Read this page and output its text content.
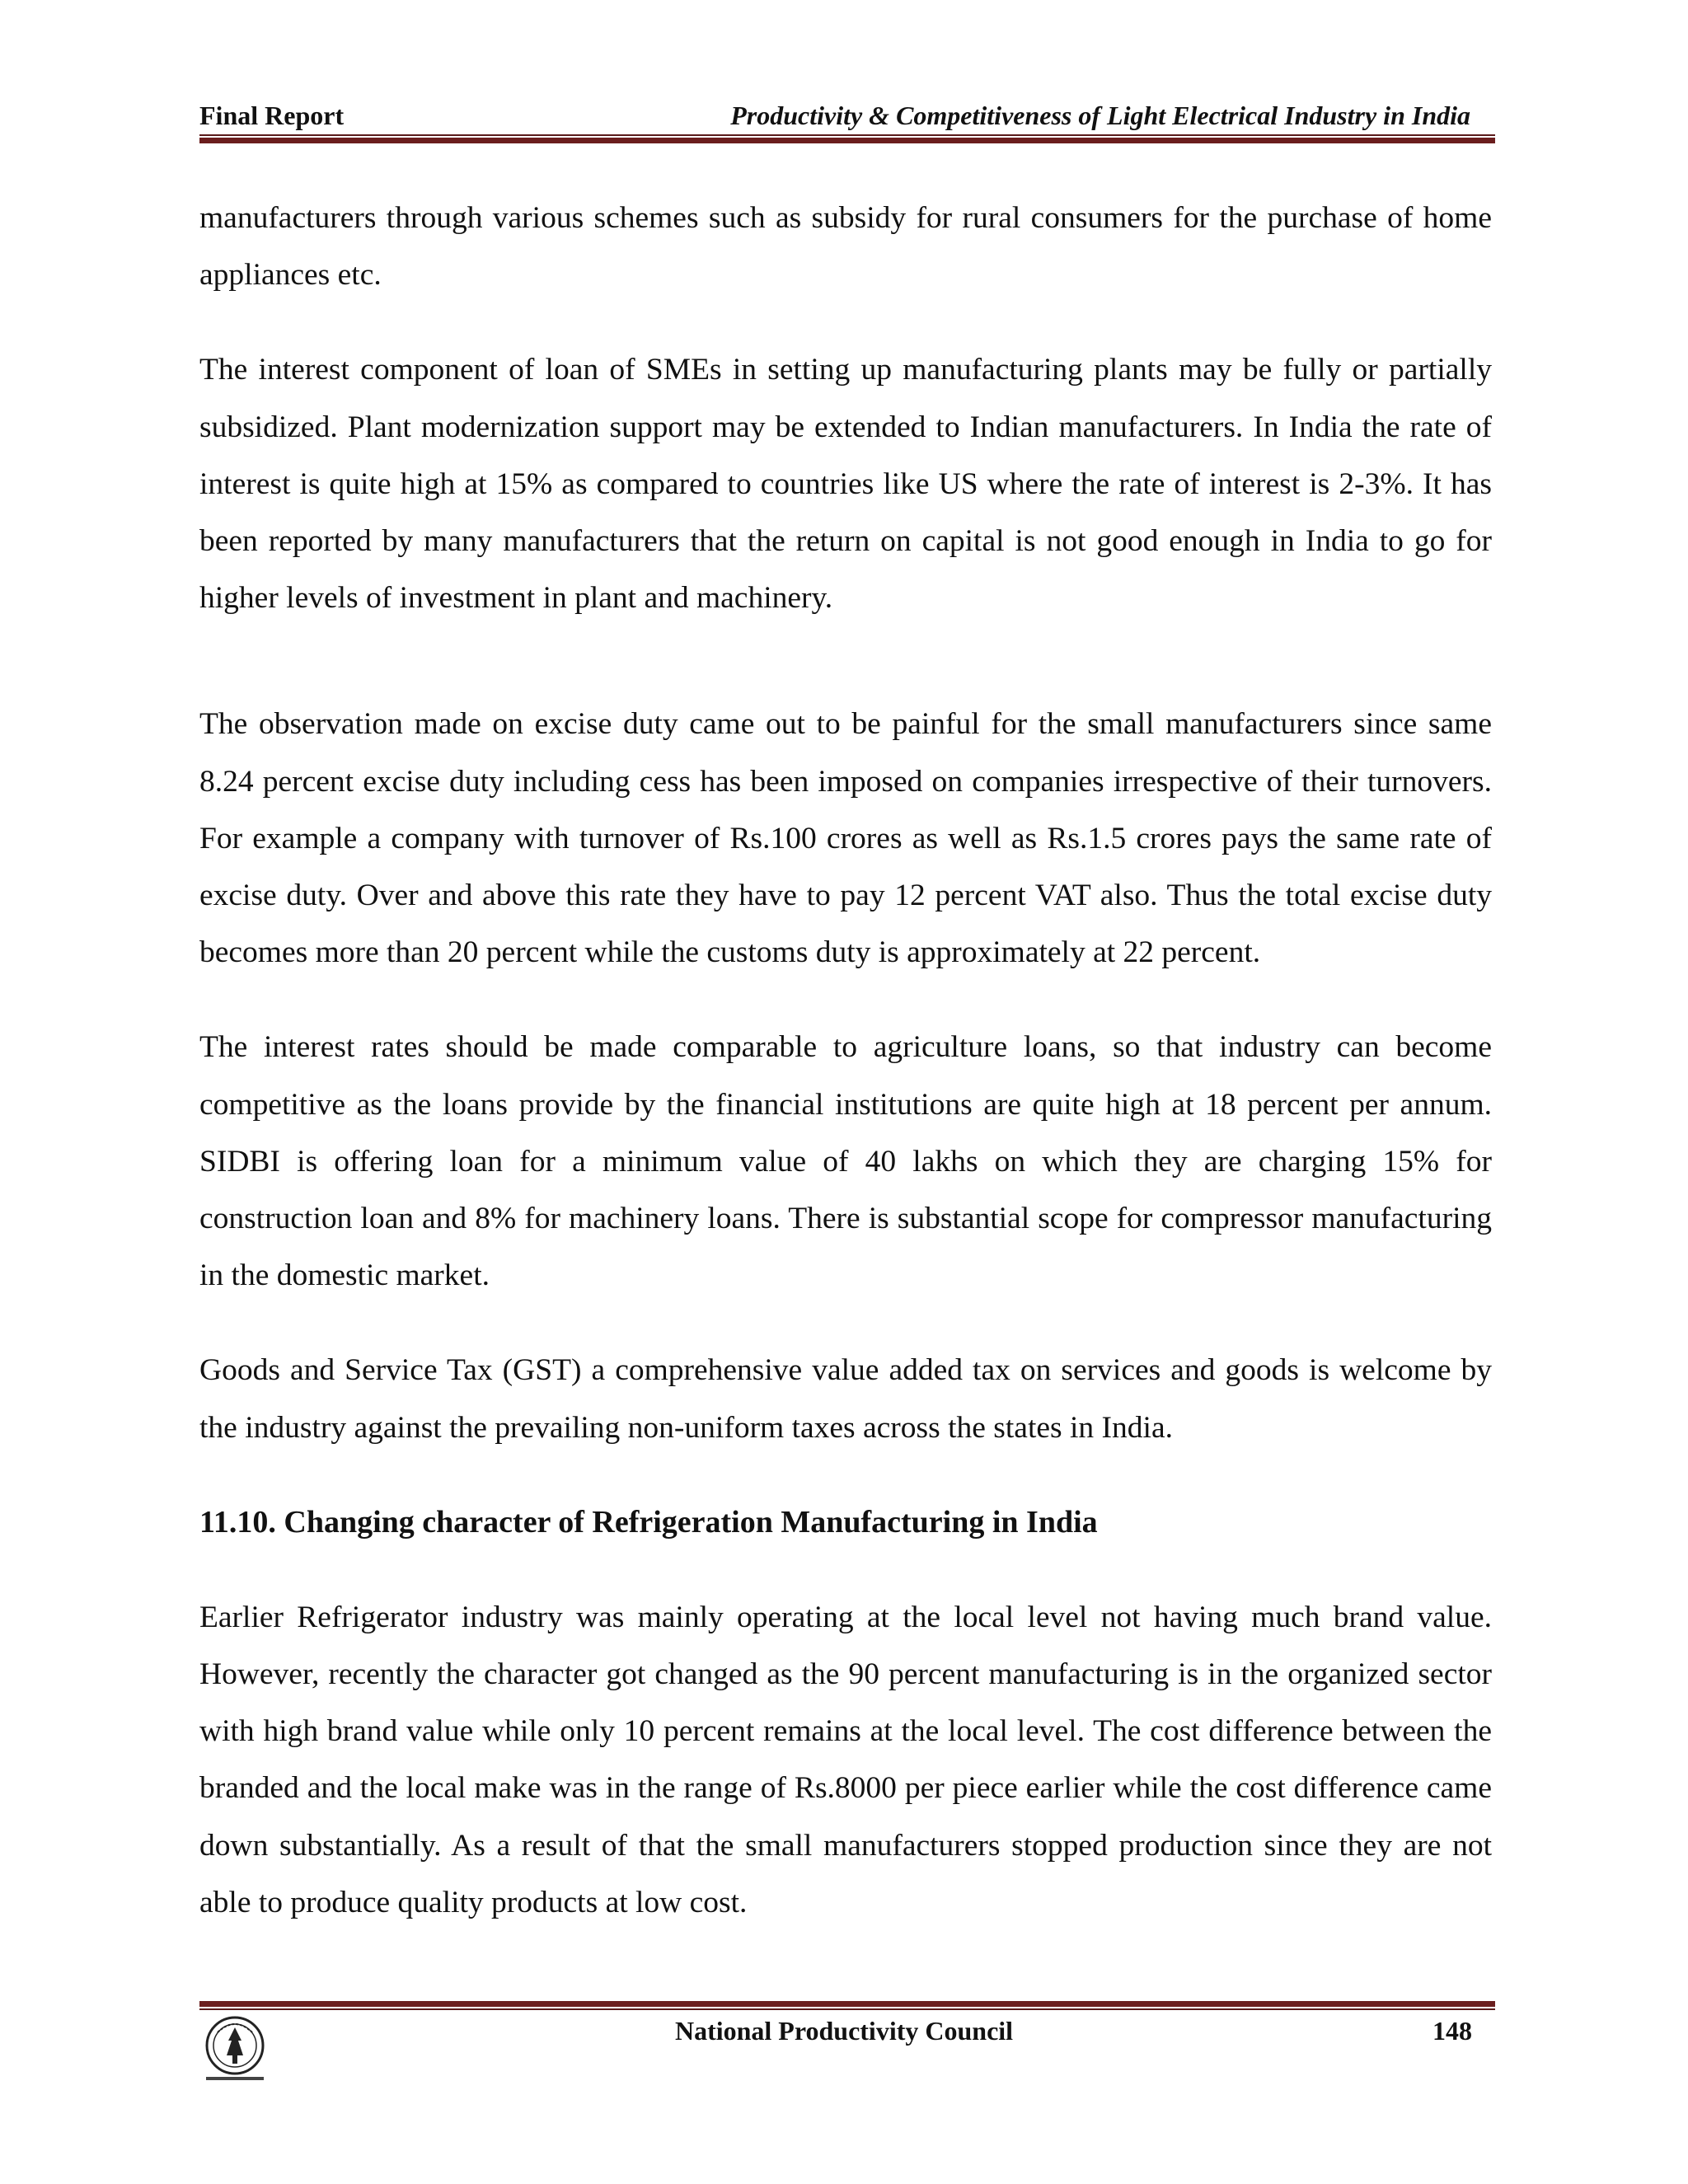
Final Report	Productivity & Competitiveness of Light Electrical Industry in India

manufacturers through various schemes such as subsidy for rural consumers for the purchase of home appliances etc.

The interest component of loan of SMEs in setting up manufacturing plants may be fully or partially subsidized. Plant modernization support may be extended to Indian manufacturers. In India the rate of interest is quite high at 15% as compared to countries like US where the rate of interest is 2-3%. It has been reported by many manufacturers that the return on capital is not good enough in India to go for higher levels of investment in plant and machinery.

The observation made on excise duty came out to be painful for the small manufacturers since same 8.24 percent excise duty including cess has been imposed on companies irrespective of their turnovers. For example a company with turnover of Rs.100 crores as well as Rs.1.5 crores pays the same rate of excise duty. Over and above this rate they have to pay 12 percent VAT also. Thus the total excise duty becomes more than 20 percent while the customs duty is approximately at 22 percent.

The interest rates should be made comparable to agriculture loans, so that industry can become competitive as the loans provide by the financial institutions are quite high at 18 percent per annum. SIDBI is offering loan for a minimum value of 40 lakhs on which they are charging 15% for construction loan and 8% for machinery loans. There is substantial scope for compressor manufacturing in the domestic market.

Goods and Service Tax (GST) a comprehensive value added tax on services and goods is welcome by the industry against the prevailing non-uniform taxes across the states in India.

11.10. Changing character of Refrigeration Manufacturing in India

Earlier Refrigerator industry was mainly operating at the local level not having much brand value. However, recently the character got changed as the 90 percent manufacturing is in the organized sector with high brand value while only 10 percent remains at the local level. The cost difference between the branded and the local make was in the range of Rs.8000 per piece earlier while the cost difference came down substantially. As a result of that the small manufacturers stopped production since they are not able to produce quality products at low cost.

National Productivity Council	148
